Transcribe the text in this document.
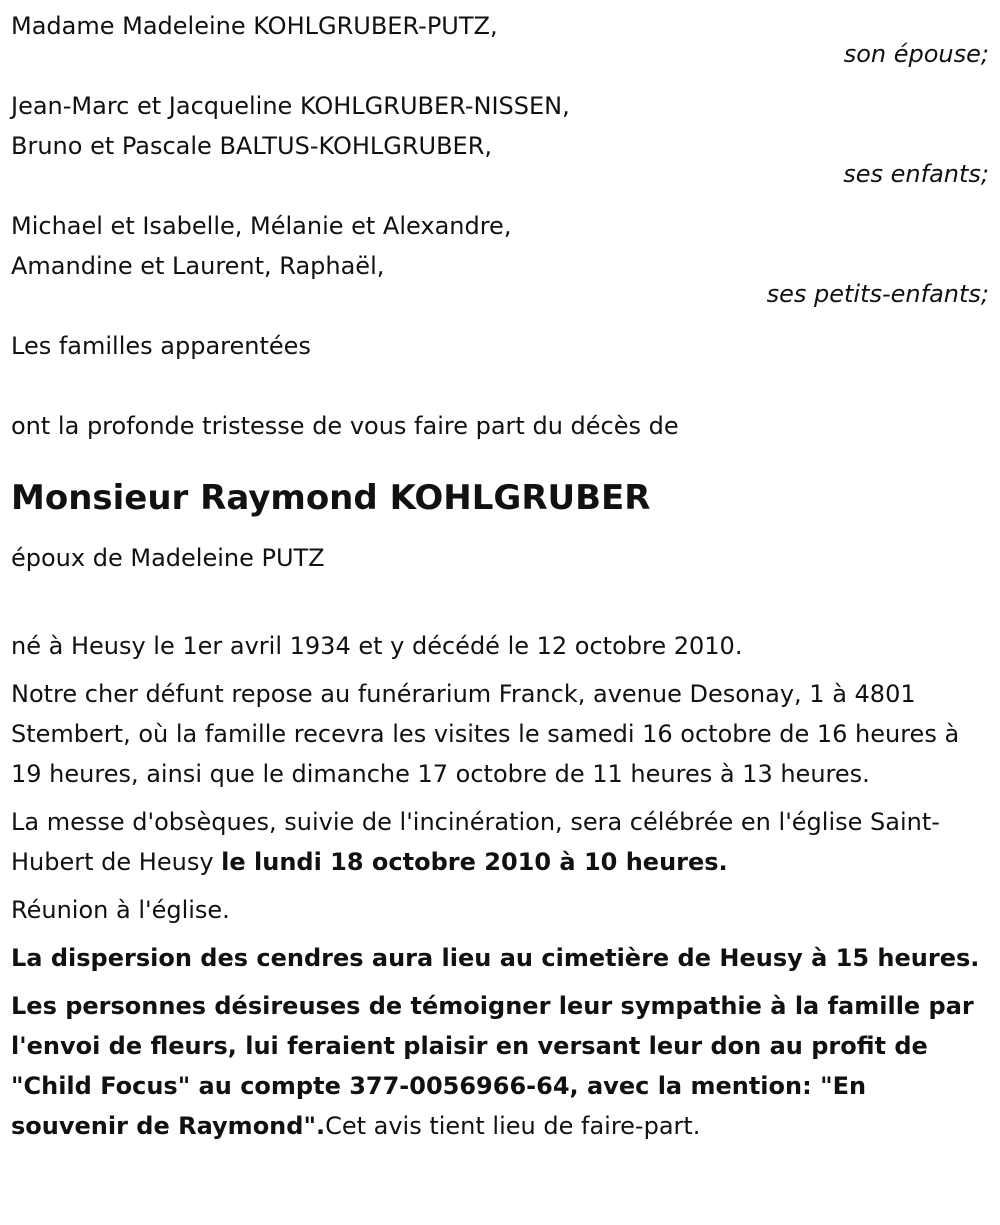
Madame Madeleine KOHLGRUBER-PUTZ,
son épouse;
Jean-Marc et Jacqueline KOHLGRUBER-NISSEN,
Bruno et Pascale BALTUS-KOHLGRUBER,
ses enfants;
Michael et Isabelle, Mélanie et Alexandre,
Amandine et Laurent, Raphaël,
ses petits-enfants;
Les familles apparentées
ont la profonde tristesse de vous faire part du décès de
Monsieur Raymond KOHLGRUBER
époux de Madeleine PUTZ
né à Heusy le 1er avril 1934 et y décédé le 12 octobre 2010.
Notre cher défunt repose au funérarium Franck, avenue Desonay, 1 à 4801 Stembert, où la famille recevra les visites le samedi 16 octobre de 16 heures à 19 heures, ainsi que le dimanche 17 octobre de 11 heures à 13 heures.
La messe d'obsèques, suivie de l'incinération, sera célébrée en l'église Saint-Hubert de Heusy le lundi 18 octobre 2010 à 10 heures.
Réunion à l'église.
La dispersion des cendres aura lieu au cimetière de Heusy à 15 heures.
Les personnes désireuses de témoigner leur sympathie à la famille par l'envoi de fleurs, lui feraient plaisir en versant leur don au profit de "Child Focus" au compte 377-0056966-64, avec la mention: "En souvenir de Raymond".Cet avis tient lieu de faire-part.
